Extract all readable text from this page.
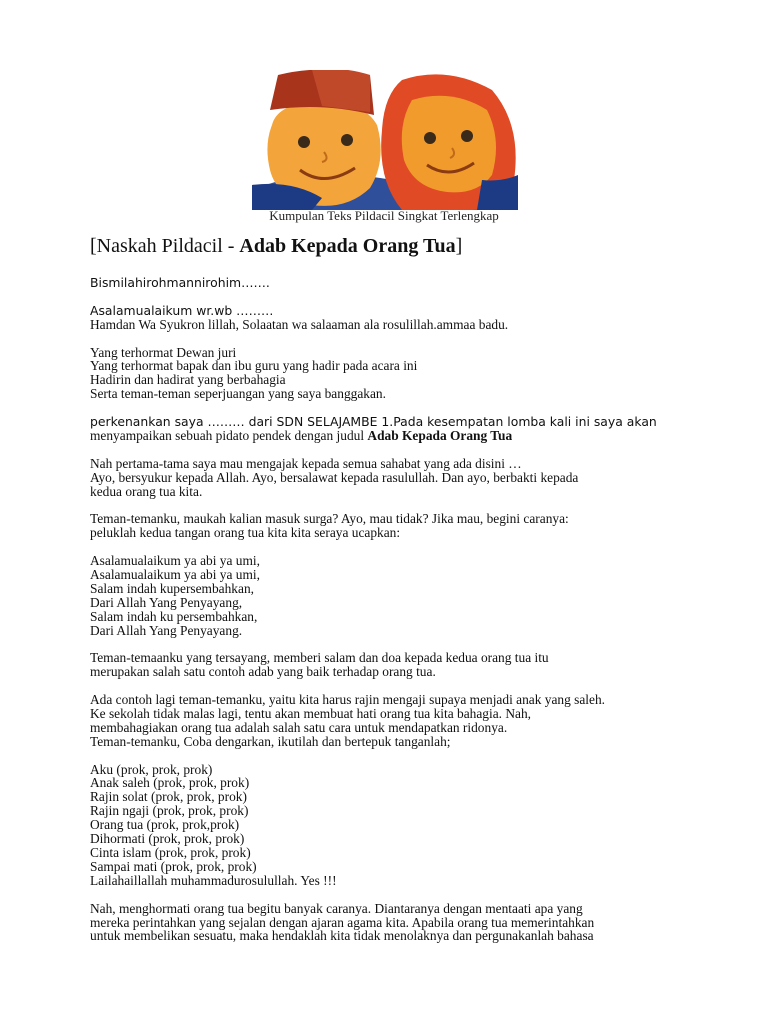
Kumpulan Teks Pildacil Singkat Terlengkap
[Naskah Pildacil - Adab Kepada Orang Tua]
Bismilahirohmannirohim…….
Asalamualaikum wr.wb ………
Hamdan Wa Syukron lillah, Solaatan wa salaaman ala rosulillah.ammaa badu.
Yang terhormat Dewan juri
Yang terhormat bapak dan ibu guru yang hadir pada acara ini
Hadirin dan hadirat yang berbahagia
Serta teman-teman seperjuangan yang saya banggakan.
perkenankan saya ……… dari SDN SELAJAMBE 1.Pada kesempatan lomba kali ini saya akan
menyampaikan sebuah pidato pendek dengan judul Adab Kepada Orang Tua
Nah pertama-tama saya mau mengajak kepada semua sahabat yang ada disini …
Ayo, bersyukur kepada Allah. Ayo, bersalawat kepada rasulullah. Dan ayo, berbakti kepada
kedua orang tua kita.
Teman-temanku, maukah kalian masuk surga? Ayo, mau tidak? Jika mau, begini caranya:
peluklah kedua tangan orang tua kita kita seraya ucapkan:
Asalamualaikum ya abi ya umi,
Asalamualaikum ya abi ya umi,
Salam indah kupersembahkan,
Dari Allah Yang Penyayang,
Salam indah ku persembahkan,
Dari Allah Yang Penyayang.
Teman-temaanku yang tersayang, memberi salam dan doa kepada kedua orang tua itu
merupakan salah satu contoh adab yang baik terhadap orang tua.
Ada contoh lagi teman-temanku, yaitu kita harus rajin mengaji supaya menjadi anak yang saleh.
Ke sekolah tidak malas lagi, tentu akan membuat hati orang tua kita bahagia. Nah,
membahagiakan orang tua adalah salah satu cara untuk mendapatkan ridonya.
Teman-temanku, Coba dengarkan, ikutilah dan bertepuk tanganlah;
Aku (prok, prok, prok)
Anak saleh (prok, prok, prok)
Rajin solat (prok, prok, prok)
Rajin ngaji (prok, prok, prok)
Orang tua (prok, prok,prok)
Dihormati (prok, prok, prok)
Cinta islam (prok, prok, prok)
Sampai mati (prok, prok, prok)
Lailahaillallah muhammadurosulullah. Yes !!!
Nah, menghormati orang tua begitu banyak caranya. Diantaranya dengan mentaati apa yang
mereka perintahkan yang sejalan dengan ajaran agama kita. Apabila orang tua memerintahkan
untuk membelikan sesuatu, maka hendaklah kita tidak menolaknya dan pergunakanlah bahasa
